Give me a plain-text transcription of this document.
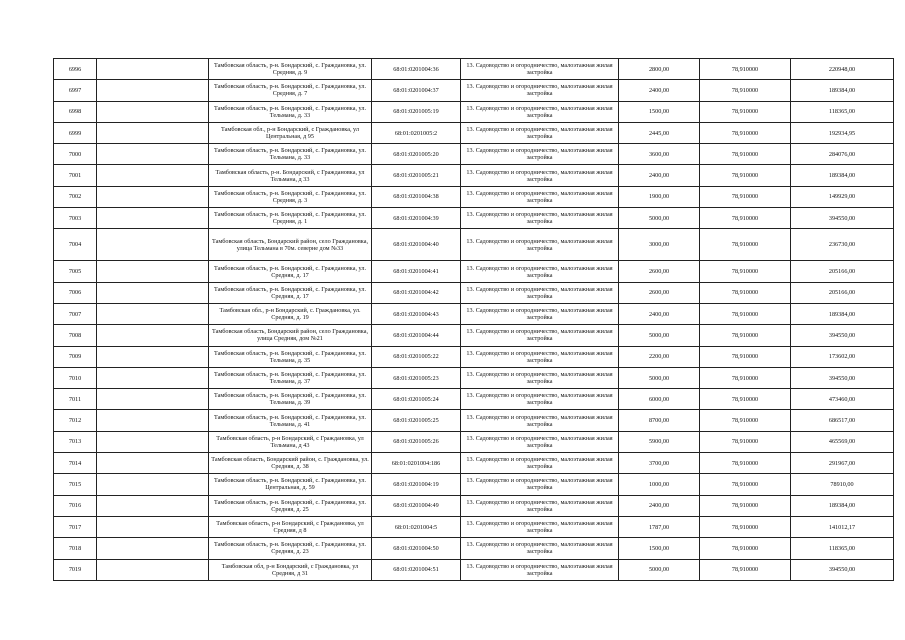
6996		Тамбовская область, р-н. Бондарский, с. Граждановка, ул. Средняя, д. 9	68:01:0201004:36	13. Садоводство и огородничество, малоэтажная жилая застройка	2800,00	78,910000	220948,00
6997		Тамбовская область, р-н. Бондарский, с. Граждановка, ул. Средняя, д. 7	68:01:0201004:37	13. Садоводство и огородничество, малоэтажная жилая застройка	2400,00	78,910000	189384,00
6998		Тамбовская область, р-н. Бондарский, с. Граждановка, ул. Тельмана, д. 33	68:01:0201005:19	13. Садоводство и огородничество, малоэтажная жилая застройка	1500,00	78,910000	118365,00
6999		Тамбовская обл., р-н Бондарский, с Граждановка, ул Центральная, д 95	68:01:0201005:2	13. Садоводство и огородничество, малоэтажная жилая застройка	2445,00	78,910000	192934,95
7000		Тамбовская область, р-н. Бондарский, с. Граждановка, ул. Тельмана, д. 33	68:01:0201005:20	13. Садоводство и огородничество, малоэтажная жилая застройка	3600,00	78,910000	284076,00
7001		Тамбовская область, р-н. Бондарский, с Граждановка, ул Тельмана, д 33	68:01:0201005:21	13. Садоводство и огородничество, малоэтажная жилая застройка	2400,00	78,910000	189384,00
7002		Тамбовская область, р-н. Бондарский, с. Граждановка, ул. Средняя, д. 3	68:01:0201004:38	13. Садоводство и огородничество, малоэтажная жилая застройка	1900,00	78,910000	149929,00
7003		Тамбовская область, р-н. Бондарский, с. Граждановка, ул. Средняя, д. 1	68:01:0201004:39	13. Садоводство и огородничество, малоэтажная жилая застройка	5000,00	78,910000	394550,00
7004		Тамбовская область, Бондарский район, село Граждановка, улица Тельмана в 70м. северне дом №33	68:01:0201004:40	13. Садоводство и огородничество, малоэтажная жилая застройка	3000,00	78,910000	236730,00
7005		Тамбовская область, р-н. Бондарский, с. Граждановка, ул. Средняя, д. 17	68:01:0201004:41	13. Садоводство и огородничество, малоэтажная жилая застройка	2600,00	78,910000	205166,00
7006		Тамбовская область, р-н. Бондарский, с. Граждановка, ул. Средняя, д. 17	68:01:0201004:42	13. Садоводство и огородничество, малоэтажная жилая застройка	2600,00	78,910000	205166,00
7007		Тамбовская обл., р-н Бондарский, с. Граждановка, ул. Средняя, д. 19	68:01:0201004:43	13. Садоводство и огородничество, малоэтажная жилая застройка	2400,00	78,910000	189384,00
7008		Тамбовская область, Бондарский район, село Граждановка, улица Средняя, дом №21	68:01:0201004:44	13. Садоводство и огородничество, малоэтажная жилая застройка	5000,00	78,910000	394550,00
7009		Тамбовская область, р-н. Бондарский, с. Граждановка, ул. Тельмана, д. 35	68:01:0201005:22	13. Садоводство и огородничество, малоэтажная жилая застройка	2200,00	78,910000	173602,00
7010		Тамбовская область, р-н. Бондарский, с. Граждановка, ул. Тельмана, д. 37	68:01:0201005:23	13. Садоводство и огородничество, малоэтажная жилая застройка	5000,00	78,910000	394550,00
7011		Тамбовская область, р-н. Бондарский, с. Граждановка, ул. Тельмана, д. 39	68:01:0201005:24	13. Садоводство и огородничество, малоэтажная жилая застройка	6000,00	78,910000	473460,00
7012		Тамбовская область, р-н. Бондарский, с. Граждановка, ул. Тельмана, д. 41	68:01:0201005:25	13. Садоводство и огородничество, малоэтажная жилая застройка	8700,00	78,910000	686517,00
7013		Тамбовская область, р-н Бондарский, с Граждановка, ул Тельмана, д 43	68:01:0201005:26	13. Садоводство и огородничество, малоэтажная жилая застройка	5900,00	78,910000	465569,00
7014		Тамбовская область, Бондарский район, с. Граждановка, ул. Средняя, д. 38	68:01:0201004:186	13. Садоводство и огородничество, малоэтажная жилая застройка	3700,00	78,910000	291967,00
7015		Тамбовская область, р-н. Бондарский, с. Граждановка, ул. Центральная, д. 59	68:01:0201004:19	13. Садоводство и огородничество, малоэтажная жилая застройка	1000,00	78,910000	78910,00
7016		Тамбовская область, р-н. Бондарский, с. Граждановка, ул. Средняя, д. 25	68:01:0201004:49	13. Садоводство и огородничество, малоэтажная жилая застройка	2400,00	78,910000	189384,00
7017		Тамбовская область, р-н Бондарский, с Граждановка, ул Средняя, д 8	68:01:0201004:5	13. Садоводство и огородничество, малоэтажная жилая застройка	1787,00	78,910000	141012,17
7018		Тамбовская область, р-н. Бондарский, с. Граждановка, ул. Средняя, д. 23	68:01:0201004:50	13. Садоводство и огородничество, малоэтажная жилая застройка	1500,00	78,910000	118365,00
7019		Тамбовская обл, р-н Бондарский, с Граждановка, ул Средняя, д 31	68:01:0201004:51	13. Садоводство и огородничество, малоэтажная жилая застройка	5000,00	78,910000	394550,00
